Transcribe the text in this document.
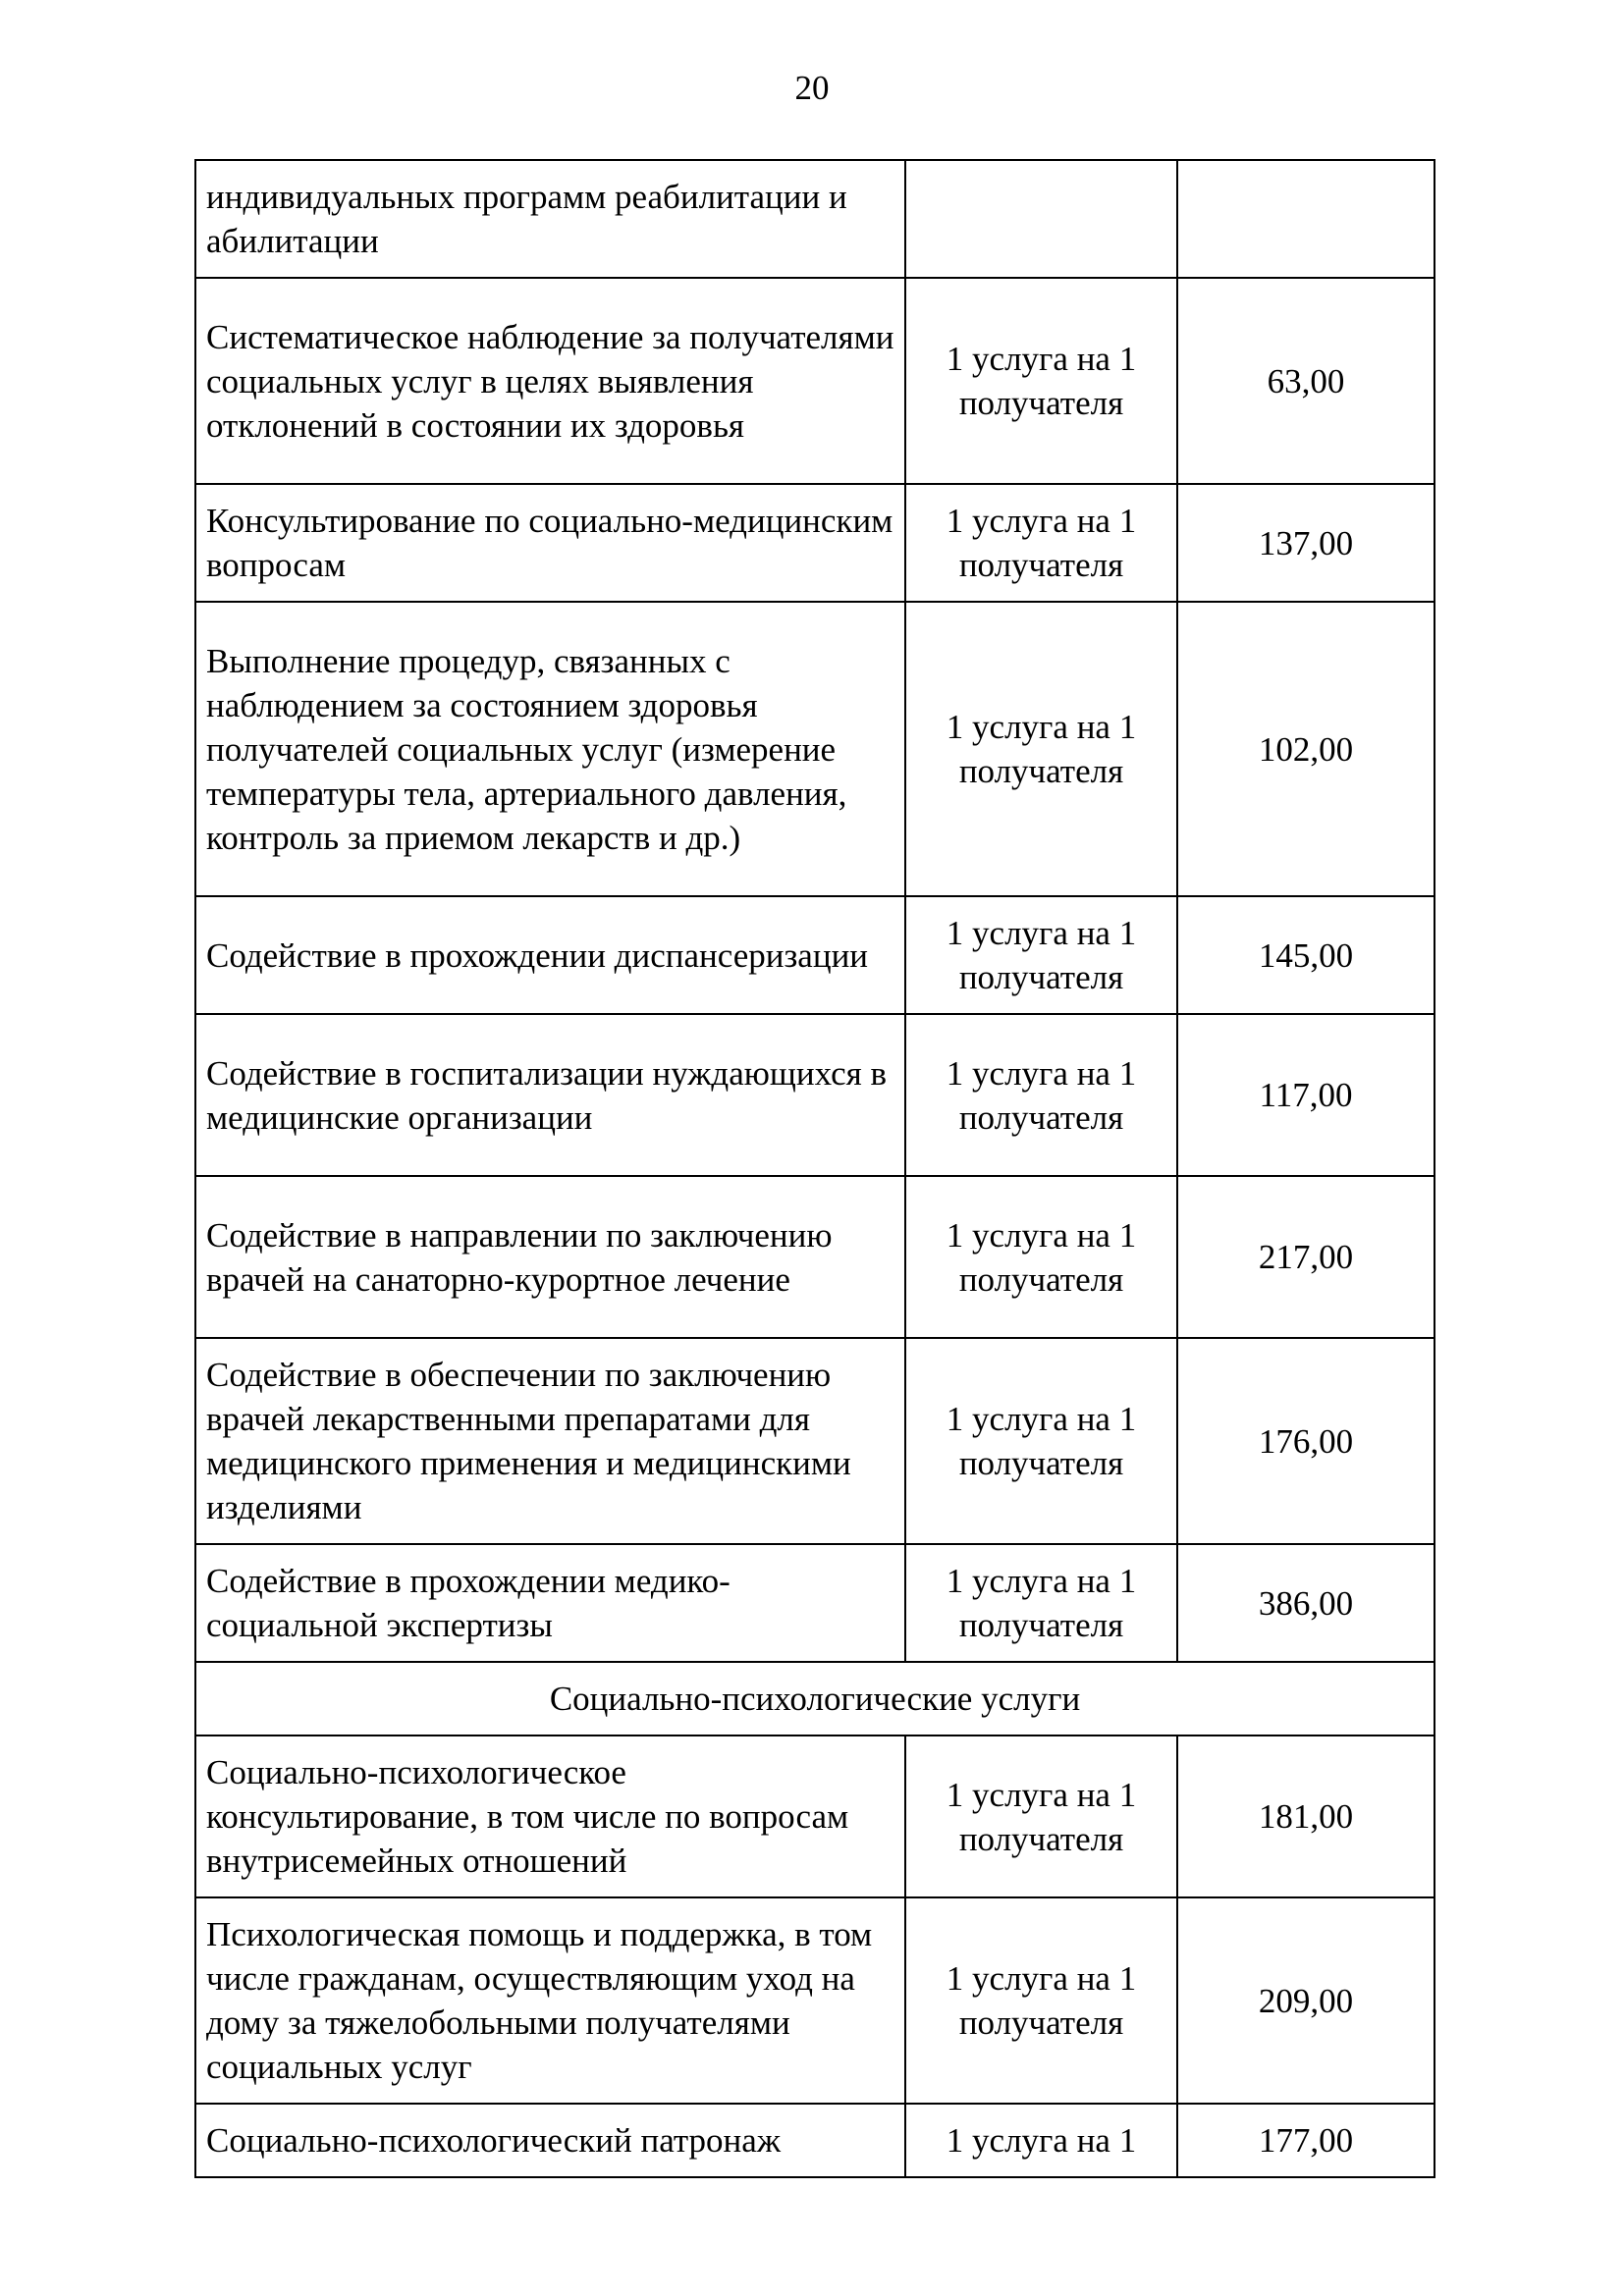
20
индивидуальных программ реабилитации и абилитации		
Систематическое наблюдение за получателями социальных услуг в целях выявления отклонений в состоянии их здоровья	1 услуга на 1 получателя	63,00
Консультирование по социально-медицинским вопросам	1 услуга на 1 получателя	137,00
Выполнение процедур, связанных с наблюдением за состоянием здоровья получателей социальных услуг (измерение температуры тела, артериального давления, контроль за приемом лекарств и др.)	1 услуга на 1 получателя	102,00
Содействие в прохождении диспансеризации	1 услуга на 1 получателя	145,00
Содействие в госпитализации нуждающихся в медицинские организации	1 услуга на 1 получателя	117,00
Содействие в направлении по заключению врачей на санаторно-курортное лечение	1 услуга на 1 получателя	217,00
Содействие в обеспечении по заключению врачей лекарственными препаратами для медицинского применения и медицинскими изделиями	1 услуга на 1 получателя	176,00
Содействие в прохождении медико-социальной экспертизы	1 услуга на 1 получателя	386,00
Социально-психологические услуги		
Социально-психологическое консультирование, в том числе по вопросам внутрисемейных отношений	1 услуга на 1 получателя	181,00
Психологическая помощь и поддержка, в том числе гражданам, осуществляющим уход на дому за тяжелобольными получателями социальных услуг	1 услуга на 1 получателя	209,00
Социально-психологический патронаж	1 услуга на 1	177,00
